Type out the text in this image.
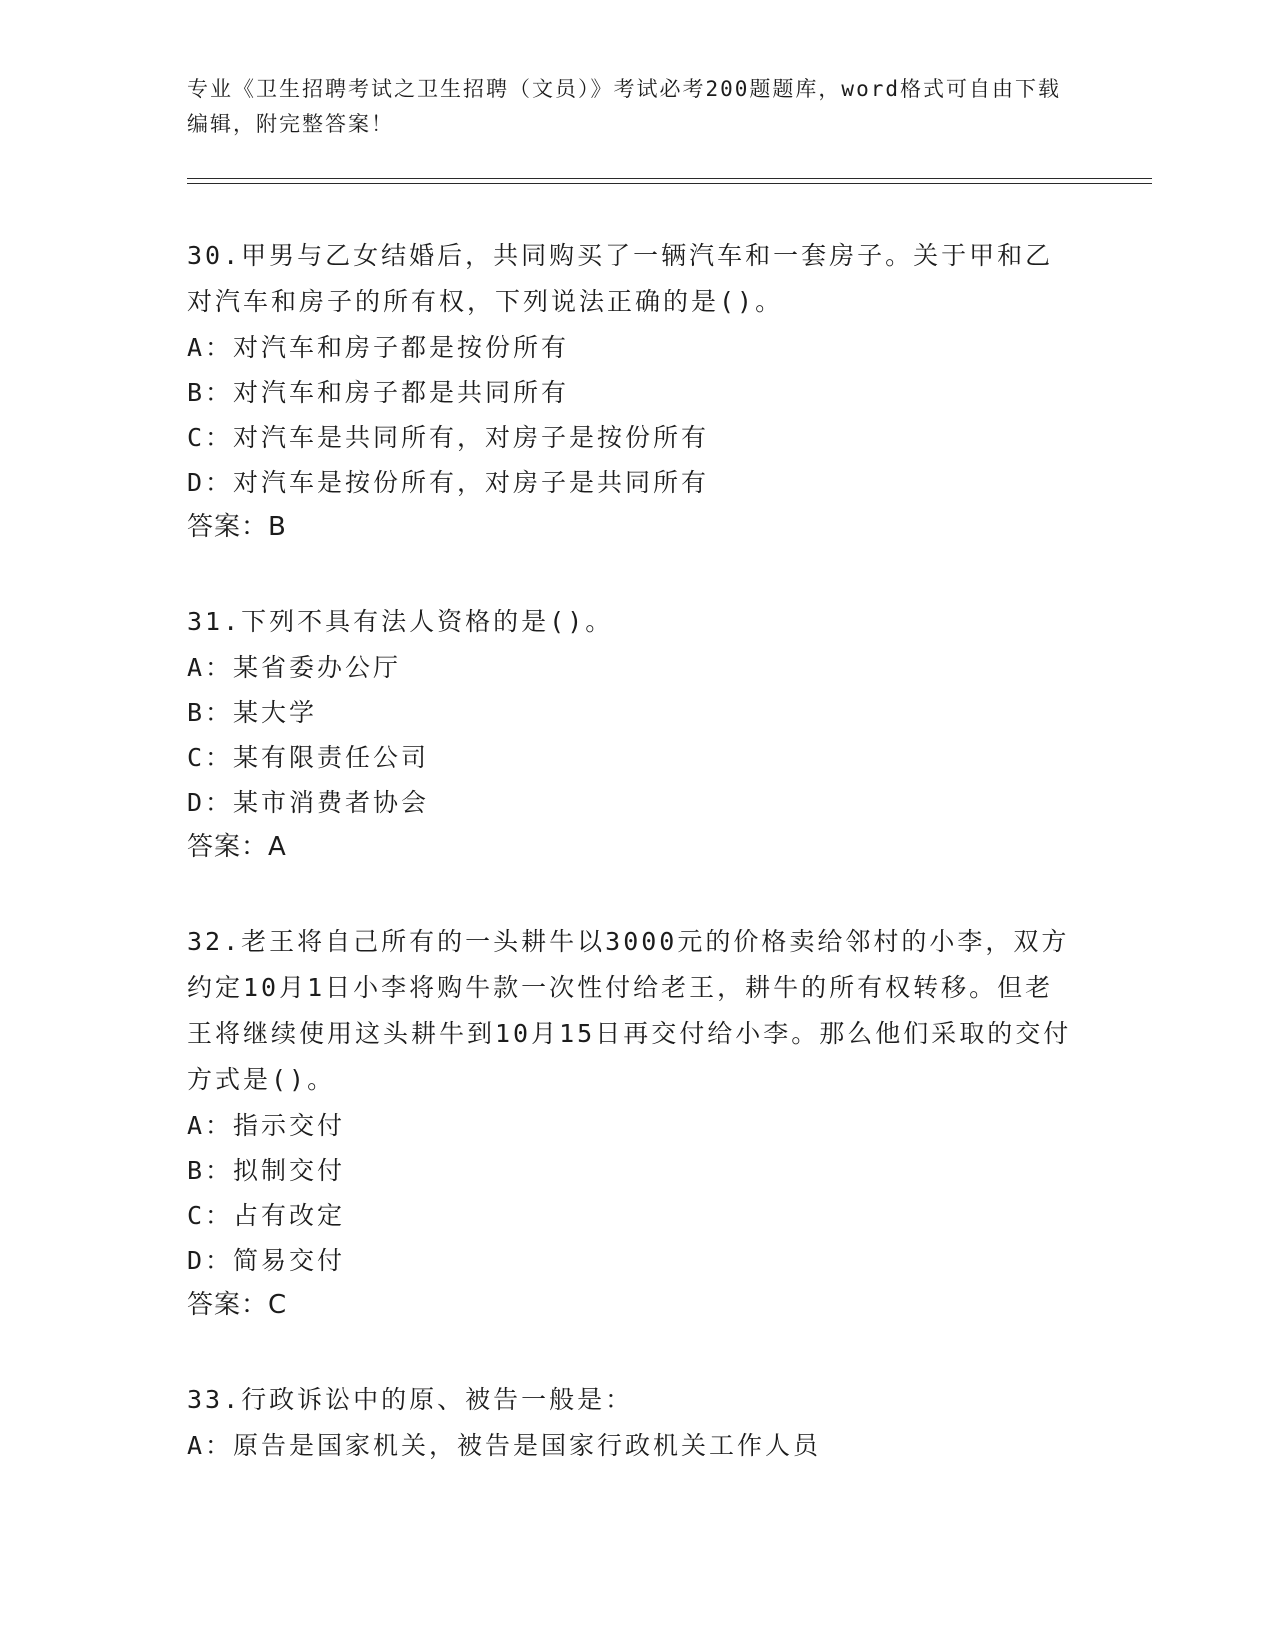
专业《卫生招聘考试之卫生招聘（文员）》考试必考200题题库，word格式可自由下载编辑，附完整答案！

30.甲男与乙女结婚后，共同购买了一辆汽车和一套房子。关于甲和乙对汽车和房子的所有权，下列说法正确的是()。

A：对汽车和房子都是按份所有

B：对汽车和房子都是共同所有

C：对汽车是共同所有，对房子是按份所有

D：对汽车是按份所有，对房子是共同所有

答案：B

31.下列不具有法人资格的是()。

A：某省委办公厅

B：某大学

C：某有限责任公司

D：某市消费者协会

答案：A

32.老王将自己所有的一头耕牛以3000元的价格卖给邻村的小李，双方约定10月1日小李将购牛款一次性付给老王，耕牛的所有权转移。但老王将继续使用这头耕牛到10月15日再交付给小李。那么他们采取的交付方式是()。

A：指示交付

B：拟制交付

C：占有改定

D：简易交付

答案：C

33.行政诉讼中的原、被告一般是：

A：原告是国家机关，被告是国家行政机关工作人员
